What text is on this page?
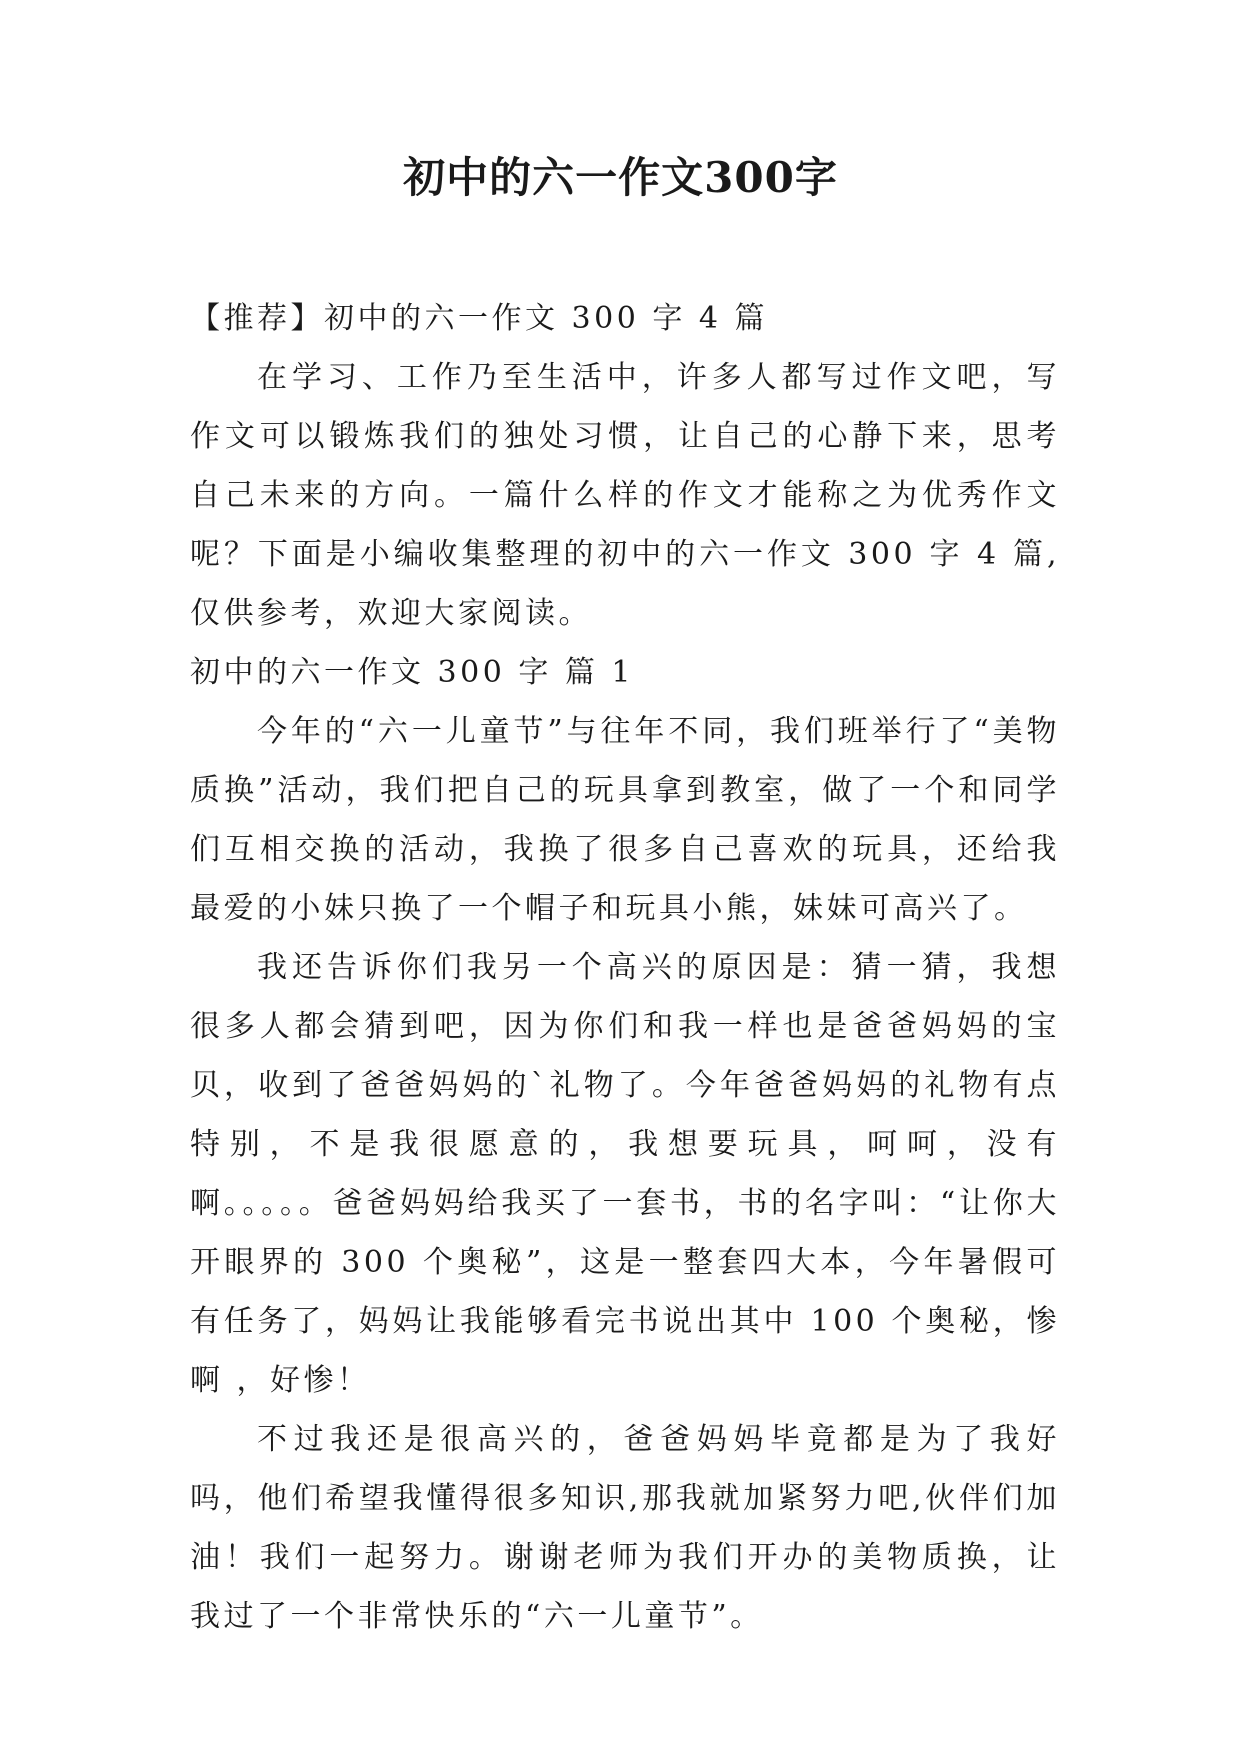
初中的六一作文300字

【推荐】初中的六一作文 300 字 4 篇

在学习、工作乃至生活中，许多人都写过作文吧，写作文可以锻炼我们的独处习惯，让自己的心静下来，思考自己未来的方向。一篇什么样的作文才能称之为优秀作文呢？下面是小编收集整理的初中的六一作文 300 字 4 篇,仅供参考，欢迎大家阅读。

初中的六一作文 300 字 篇 1

今年的“六一儿童节”与往年不同，我们班举行了“美物质换”活动，我们把自己的玩具拿到教室，做了一个和同学们互相交换的活动，我换了很多自己喜欢的玩具，还给我最爱的小妹只换了一个帽子和玩具小熊，妹妹可高兴了。

我还告诉你们我另一个高兴的原因是：猜一猜，我想很多人都会猜到吧，因为你们和我一样也是爸爸妈妈的宝贝，收到了爸爸妈妈的`礼物了。今年爸爸妈妈的礼物有点特别，不是我很愿意的，我想要玩具，呵呵，没有啊。。。。。爸爸妈妈给我买了一套书，书的名字叫：“让你大开眼界的 300 个奥秘”，这是一整套四大本，今年暑假可有任务了，妈妈让我能够看完书说出其中 100 个奥秘，惨啊 ，好惨！

不过我还是很高兴的，爸爸妈妈毕竟都是为了我好吗，他们希望我懂得很多知识,那我就加紧努力吧,伙伴们加油！我们一起努力。谢谢老师为我们开办的美物质换，让我过了一个非常快乐的“六一儿童节”。
